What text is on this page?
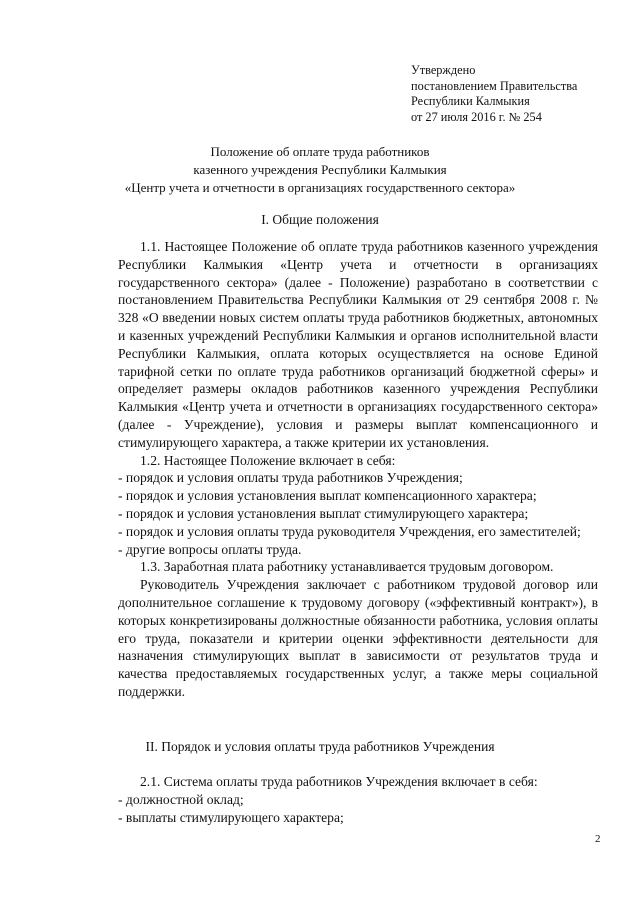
Утверждено
постановлением Правительства
Республики Калмыкия
от 27 июля 2016 г. № 254
Положение об оплате труда работников
казенного учреждения Республики Калмыкия
«Центр учета и отчетности в организациях государственного сектора»
I. Общие положения

1.1. Настоящее Положение об оплате труда работников казенного учреждения Республики Калмыкия «Центр учета и отчетности в организациях государственного сектора» (далее - Положение) разработано в соответствии с постановлением Правительства Республики Калмыкия от 29 сентября 2008 г. № 328 «О введении новых систем оплаты труда работников бюджетных, автономных и казенных учреждений Республики Калмыкия и органов исполнительной власти Республики Калмыкия, оплата которых осуществляется на основе Единой тарифной сетки по оплате труда работников организаций бюджетной сферы» и определяет размеры окладов работников казенного учреждения Республики Калмыкия «Центр учета и отчетности в организациях государственного сектора» (далее - Учреждение), условия и размеры выплат компенсационного и стимулирующего характера, а также критерии их установления.

1.2. Настоящее Положение включает в себя:

- порядок и условия оплаты труда работников Учреждения;

- порядок и условия установления выплат компенсационного характера;

- порядок и условия установления выплат стимулирующего характера;

- порядок и условия оплаты труда руководителя Учреждения, его заместителей;

- другие вопросы оплаты труда.

1.3. Заработная плата работнику устанавливается трудовым договором.

Руководитель Учреждения заключает с работником трудовой договор или дополнительное соглашение к трудовому договору («эффективный контракт»), в которых конкретизированы должностные обязанности работника, условия оплаты его труда, показатели и критерии оценки эффективности деятельности для назначения стимулирующих выплат в зависимости от результатов труда и качества предоставляемых государственных услуг, а также меры социальной поддержки.

II. Порядок и условия оплаты труда работников Учреждения

2.1. Система оплаты труда работников Учреждения включает в себя:

- должностной оклад;

- выплаты стимулирующего характера;

2
